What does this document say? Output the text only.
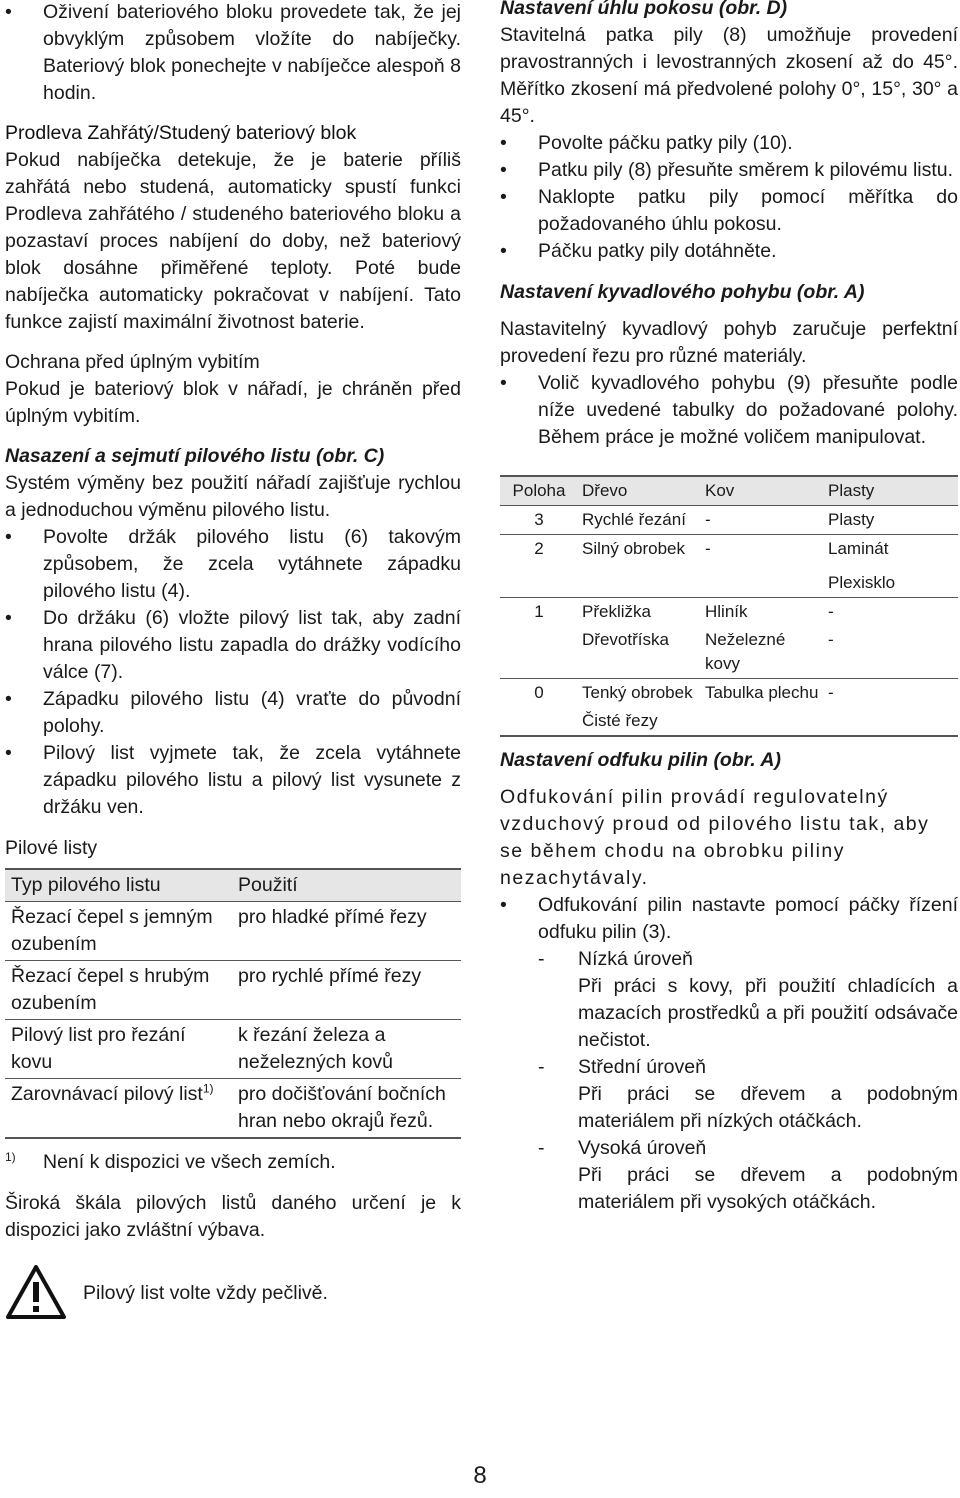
• Oživení bateriového bloku provedete tak, že jej obvyklým způsobem vložíte do nabíječky. Bateriový blok ponechejte v nabíječce alespoň 8 hodin.
Prodleva Zahřátý/Studený bateriový blok

Pokud nabíječka detekuje, že je baterie příliš zahřátá nebo studená, automaticky spustí funkci Prodleva zahřátého / studeného bateriového bloku a pozastaví proces nabíjení do doby, než bateriový blok dosáhne přiměřené teploty. Poté bude nabíječka automaticky pokračovat v nabíjení. Tato funkce zajistí maximální životnost baterie.

Ochrana před úplným vybitím

Pokud je bateriový blok v nářadí, je chráněn před úplným vybitím.

Nasazení a sejmutí pilového listu (obr. C)

Systém výměny bez použití nářadí zajišťuje rychlou a jednoduchou výměnu pilového listu.

• Povolte držák pilového listu (6) takovým způsobem, že zcela vytáhnete západku pilového listu (4).
• Do držáku (6) vložte pilový list tak, aby zadní hrana pilového listu zapadla do drážky vodícího válce (7).
• Západku pilového listu (4) vraťte do původní polohy.
• Pilový list vyjmete tak, že zcela vytáhnete západku pilového listu a pilový list vysunete z držáku ven.
Pilové listy
Typ pilového listu	Použití
Řezací čepel s jemným ozubením	pro hladké přímé řezy
Řezací čepel s hrubým ozubením	pro rychlé přímé řezy
Pilový list pro řezání kovu	k řezání železa a neželezných kovů
Zarovnávací pilový list$^{1)}$	pro dočišťování bočních hran nebo okrajů řezů.
1) Není k dispozici ve všech zemích.

Široká škála pilových listů daného určení je k dispozici jako zvláštní výbava.

Pilový list volte vždy pečlivě.
Nastavení úhlu pokosu (obr. D)

Stavitelná patka pily (8) umožňuje provedení pravostranných i levostranných zkosení až do 45°. Měřítko zkosení má předvolené polohy 0°, 15°, 30° a 45°.

• Povolte páčku patky pily (10).
• Patku pily (8) přesuňte směrem k pilovému listu.
• Naklopte patku pily pomocí měřítka do požadovaného úhlu pokosu.
• Páčku patky pily dotáhněte.
Nastavení kyvadlového pohybu (obr. A)

Nastavitelný kyvadlový pohyb zaručuje perfektní provedení řezu pro různé materiály.

• Volič kyvadlového pohybu (9) přesuňte podle níže uvedené tabulky do požadované polohy. Během práce je možné voličem manipulovat.
Poloha	Dřevo	Kov	Plasty
3	Rychlé řezání	-	Plasty
2	Silný obrobek	-	Laminát
			Plexisklo
1	Překližka	Hliník	-
	Dřevotříska	Neželezné kovy	-
0	Tenký obrobek	Tabulka plechu	-
	Čisté řezy		
Nastavení odfuku pilin (obr. A)

Odfukování pilin provádí regulovatelný vzduchový proud od pilového listu tak, aby se během chodu na obrobku piliny nezachytávaly.

• Odfukování pilin nastavte pomocí páčky řízení odfuku pilin (3).
- Nízká úroveň
Při práci s kovy, při použití chladících a mazacích prostředků a při použití odsávače nečistot.
- Střední úroveň
Při práci se dřevem a podobným materiálem při nízkých otáčkách.
- Vysoká úroveň
Při práci se dřevem a podobným materiálem při vysokých otáčkách.
8
